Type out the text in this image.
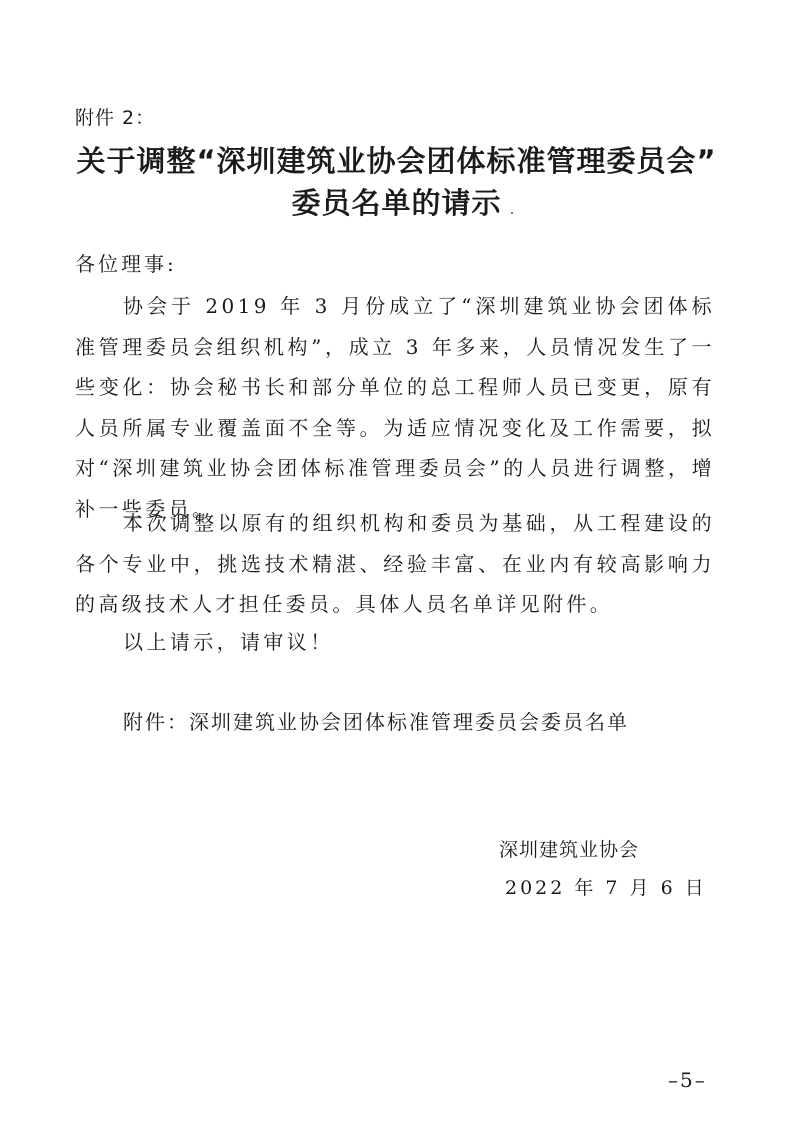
附件 2：
关于调整“深圳建筑业协会团体标准管理委员会”
委员名单的请示
各位理事:
协会于 2019 年 3 月份成立了“深圳建筑业协会团体标准管理委员会组织机构”，成立 3 年多来，人员情况发生了一些变化：协会秘书长和部分单位的总工程师人员已变更，原有人员所属专业覆盖面不全等。为适应情况变化及工作需要，拟对“深圳建筑业协会团体标准管理委员会”的人员进行调整，增补一些委员。
本次调整以原有的组织机构和委员为基础，从工程建设的各个专业中，挑选技术精湛、经验丰富、在业内有较高影响力的高级技术人才担任委员。具体人员名单详见附件。
以上请示，请审议！
附件：深圳建筑业协会团体标准管理委员会委员名单
深圳建筑业协会
2022 年 7 月 6 日
–5–
